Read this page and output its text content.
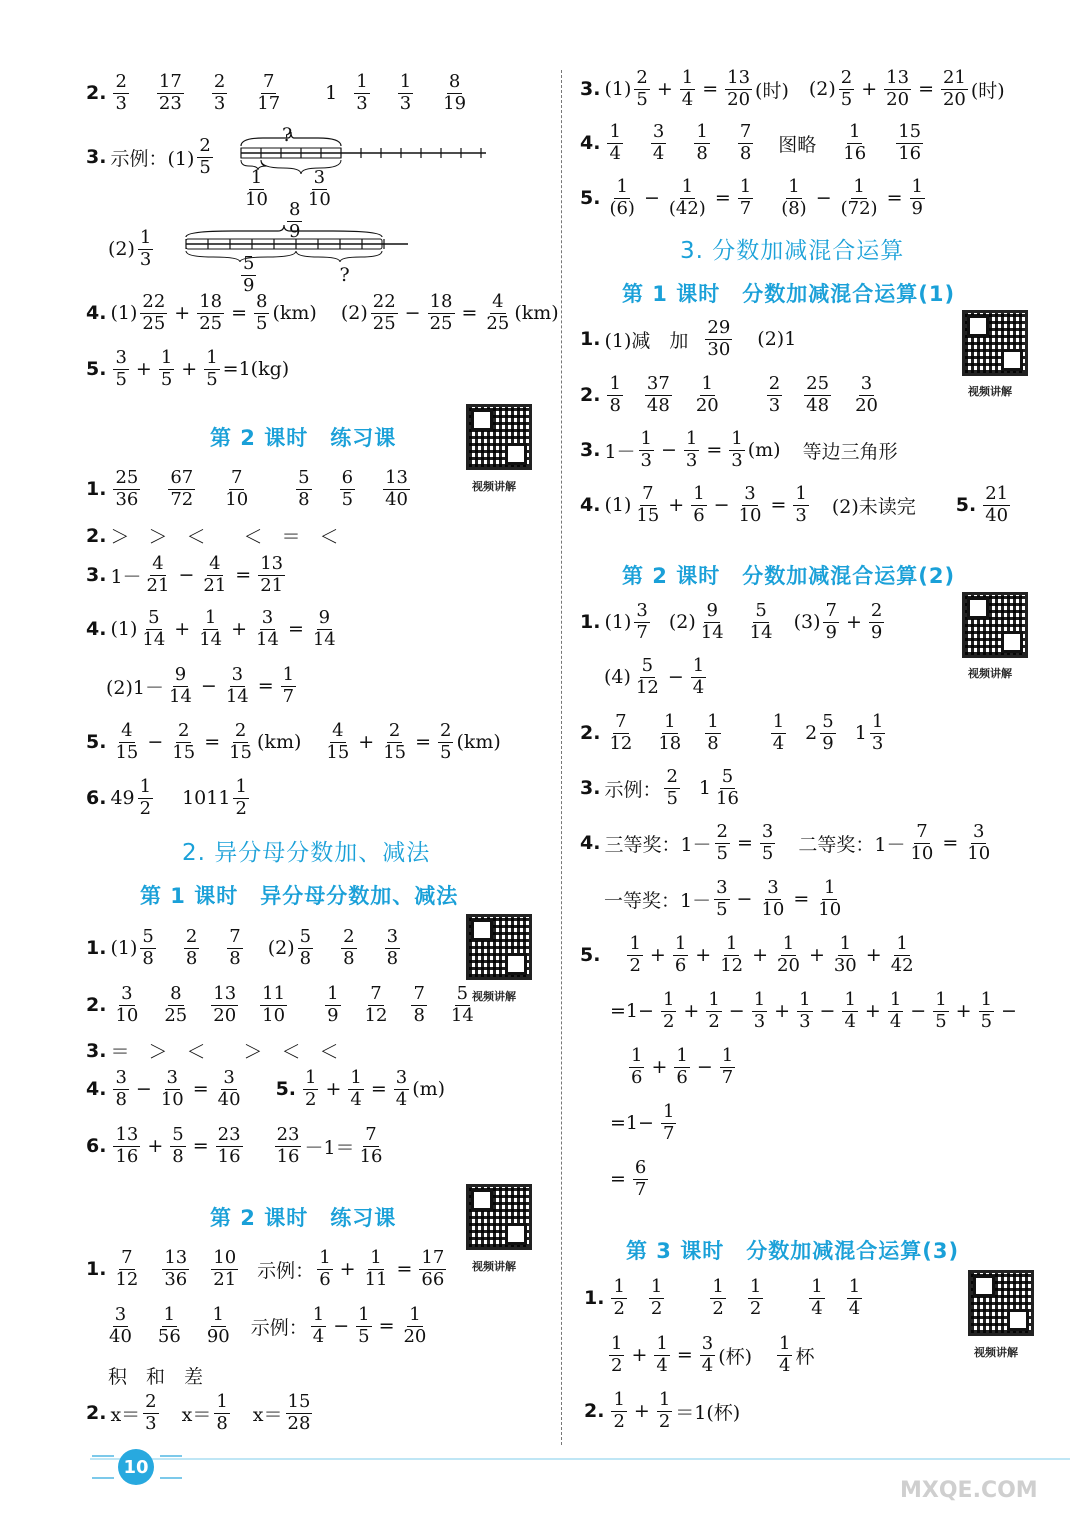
视频讲解
视频讲解
视频讲解
视频讲解
视频讲解
视频讲解
10
MXQE.COM
2. $\frac{2}{3} \frac{17}{23} \frac{2}{3} \frac{7}{17} 1 \frac{1}{3} \frac{1}{3} \frac{8}{19}$
3. 示例：$(1) \frac{2}{5}$
?
$\frac{1}{10} \frac{3}{10}$
$\frac{8}{9}$
$(2) \frac{1}{3}$
$\frac{5}{9}$	?
4. $(1) \frac{22}{25} + \frac{18}{25} = \frac{8}{5} (km)$ $(2) \frac{22}{25} - \frac{18}{25} = \frac{4}{25} (km)$
5. $\frac{3}{5} + \frac{1}{5} + \frac{1}{5} =1(kg)$
第 2 课时　练习课
1. $\frac{25}{36} \frac{67}{72} \frac{7}{10}$	$\frac{5}{8} \frac{6}{5} \frac{13}{40}$
2. ＞　＞　＜　　＜　＝　＜
3. $1- \frac{4}{21} - \frac{4}{21} = \frac{13}{21}$
4. $(1) \frac{5}{14} + \frac{1}{14} + \frac{3}{14} = \frac{9}{14}$
$(2)1- \frac{9}{14} - \frac{3}{14} = \frac{1}{7}$
5. $\frac{4}{15} - \frac{2}{15} = \frac{2}{15} (km) \frac{4}{15} + \frac{2}{15} = \frac{2}{5} (km)$
6. $49 \frac{1}{2} 1011 \frac{1}{2}$
2. 异分母分数加、减法
第 1 课时　异分母分数加、减法
1. $(1) \frac{5}{8} \frac{2}{8} \frac{7}{8} (2) \frac{5}{8} \frac{2}{8} \frac{3}{8}$
2. $\frac{3}{10} \frac{8}{25} \frac{13}{20} \frac{11}{10} \frac{1}{9} \frac{7}{12} \frac{7}{8} \frac{5}{14}$
3. ＝　＞　＜　　＞　＜　＜
4. $\frac{3}{8} - \frac{3}{10} = \frac{3}{40} 5$. $\frac{1}{2} + \frac{1}{4} = \frac{3}{4} (m)$
6. $\frac{13}{16} + \frac{5}{8} = \frac{23}{16} \frac{23}{16} -1= \frac{7}{16}$
第 2 课时　练习课
1. $\frac{7}{12} \frac{13}{36} \frac{10}{21}$ 示例： $\frac{1}{6} + \frac{1}{11} = \frac{17}{66}$
$\frac{3}{40} \frac{1}{56} \frac{1}{90}$ 示例： $\frac{1}{4} - \frac{1}{5} = \frac{1}{20}$
积　和　差
2. $x= \frac{2}{3} x= \frac{1}{8} x= \frac{15}{28}$
3. $(1) \frac{2}{5} + \frac{1}{4} = \frac{13}{20}$ (时) $(2) \frac{2}{5} + \frac{13}{20} = \frac{21}{20}$ (时)
4. $\frac{1}{4} \frac{3}{4} \frac{1}{8} \frac{7}{8}$ 图略 $\frac{1}{16} \frac{15}{16}$
5. $\frac{1}{(6)} - \frac{1}{(42)} = \frac{1}{7} \frac{1}{(8)} - \frac{1}{(72)} = \frac{1}{9}$
3. 分数加减混合运算
第 1 课时　分数加减混合运算(1)
1. (1)减　加 $\frac{29}{30} (2)1$
2. $\frac{1}{8} \frac{37}{48} \frac{1}{20}$	$\frac{2}{3} \frac{25}{48} \frac{3}{20}$
3. $1- \frac{1}{3} - \frac{1}{3} = \frac{1}{3} (m)$ 等边三角形
4. $(1) \frac{7}{15} + \frac{1}{6} - \frac{3}{10} = \frac{1}{3} (2)$未读完 5. $\frac{21}{40}$
第 2 课时　分数加减混合运算(2)
1. $(1) \frac{3}{7} (2) \frac{9}{14} \frac{5}{14} (3) \frac{7}{9} + \frac{2}{9}$
$(4) \frac{5}{12} - \frac{1}{4}$
2. $\frac{7}{12} \frac{1}{18} \frac{1}{8}$	$\frac{1}{4} 2 \frac{5}{9} 1 \frac{1}{3}$
3. 示例： $\frac{2}{5} 1 \frac{5}{16}$
4. 三等奖：$1- \frac{2}{5} = \frac{3}{5}$ 二等奖：$1- \frac{7}{10} = \frac{3}{10}$
一等奖：$1- \frac{3}{5} - \frac{3}{10} = \frac{1}{10}$
5. $\frac{1}{2} + \frac{1}{6} + \frac{1}{12} + \frac{1}{20} + \frac{1}{30} + \frac{1}{42}$
$=1- \frac{1}{2} + \frac{1}{2} - \frac{1}{3} + \frac{1}{3} - \frac{1}{4} + \frac{1}{4} - \frac{1}{5} + \frac{1}{5}$ −
$\frac{1}{6} + \frac{1}{6} - \frac{1}{7}$
$=1- \frac{1}{7}$
= $\frac{6}{7}$
第 3 课时　分数加减混合运算(3)
1. $\frac{1}{2} \frac{1}{2}$	$\frac{1}{2} \frac{1}{2}$	$\frac{1}{4} \frac{1}{4}$
$\frac{1}{2} + \frac{1}{4} = \frac{3}{4}$ (杯) $\frac{1}{4}$ 杯
2. $\frac{1}{2} + \frac{1}{2} =1$(杯)
